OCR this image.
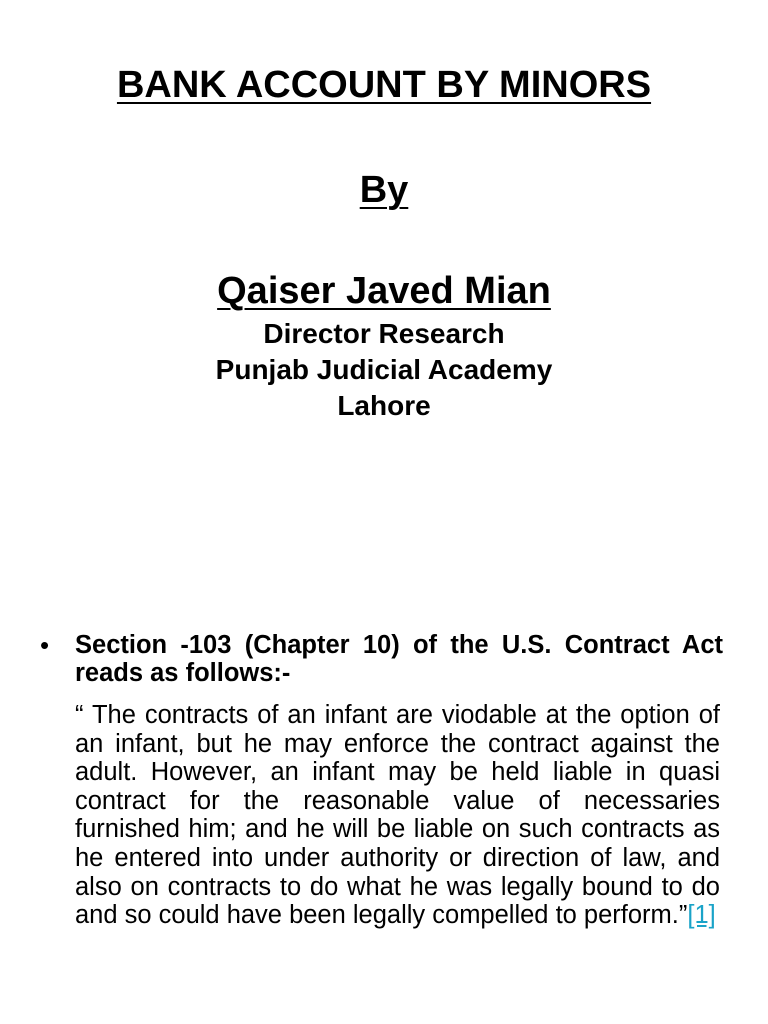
BANK ACCOUNT BY MINORS
By
Qaiser Javed Mian
Director Research
Punjab Judicial Academy
Lahore
• Section -103 (Chapter 10) of the U.S. Contract Act reads as follows:-

“ The contracts of an infant are viodable at the option of an infant, but he may enforce the contract against the adult. However, an infant may be held liable in quasi contract for the reasonable value of necessaries furnished him; and he will be liable on such contracts as he entered into under authority or direction of law, and also on contracts to do what he was legally bound to do and so could have been legally compelled to perform.”[1]
